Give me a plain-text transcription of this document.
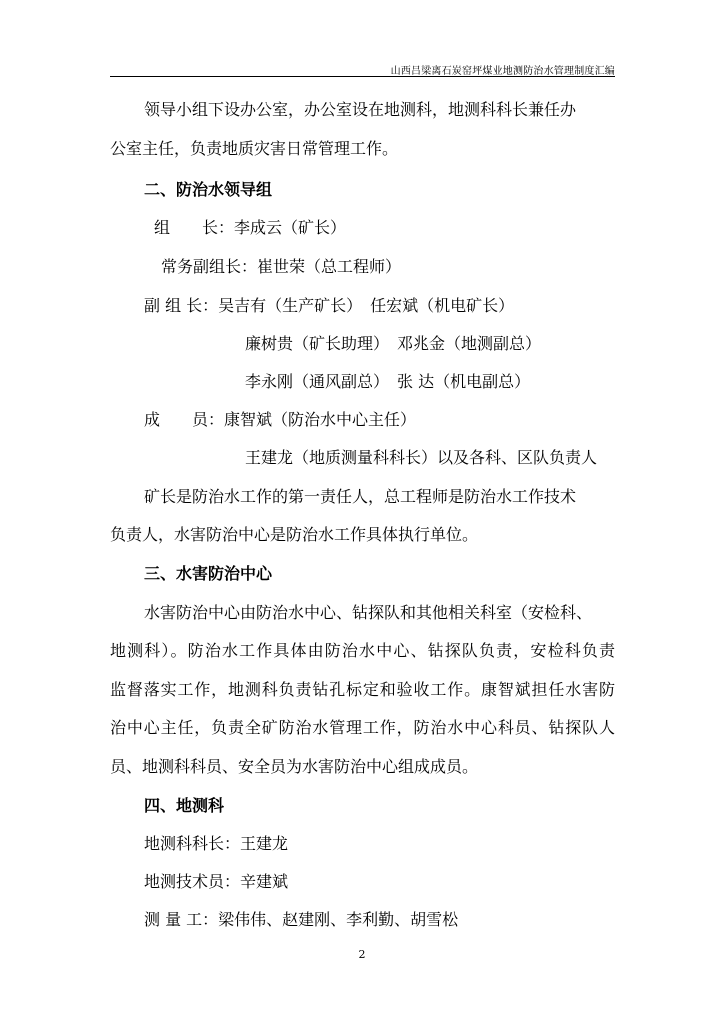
山西吕梁离石炭窑坪煤业地测防治水管理制度汇编
领导小组下设办公室，办公室设在地测科，地测科科长兼任办
公室主任，负责地质灾害日常管理工作。
二、防治水领导组
组　　长：李成云（矿长）
常务副组长：崔世荣（总工程师）
副 组 长：吴吉有（生产矿长）　任宏斌（机电矿长）
廉树贵（矿长助理）　邓兆金（地测副总）
李永刚（通风副总）　张 达（机电副总）
成　　员：康智斌（防治水中心主任）
王建龙（地质测量科科长）以及各科、区队负责人
矿长是防治水工作的第一责任人，总工程师是防治水工作技术
负责人，水害防治中心是防治水工作具体执行单位。
三、水害防治中心
水害防治中心由防治水中心、钻探队和其他相关科室（安检科、
地测科）。防治水工作具体由防治水中心、钻探队负责，安检科负责
监督落实工作，地测科负责钻孔标定和验收工作。康智斌担任水害防
治中心主任，负责全矿防治水管理工作，防治水中心科员、钻探队人
员、地测科科员、安全员为水害防治中心组成成员。
四、地测科
地测科科长：王建龙
地测技术员：辛建斌
测 量 工：梁伟伟、赵建刚、李利勤、胡雪松
2
